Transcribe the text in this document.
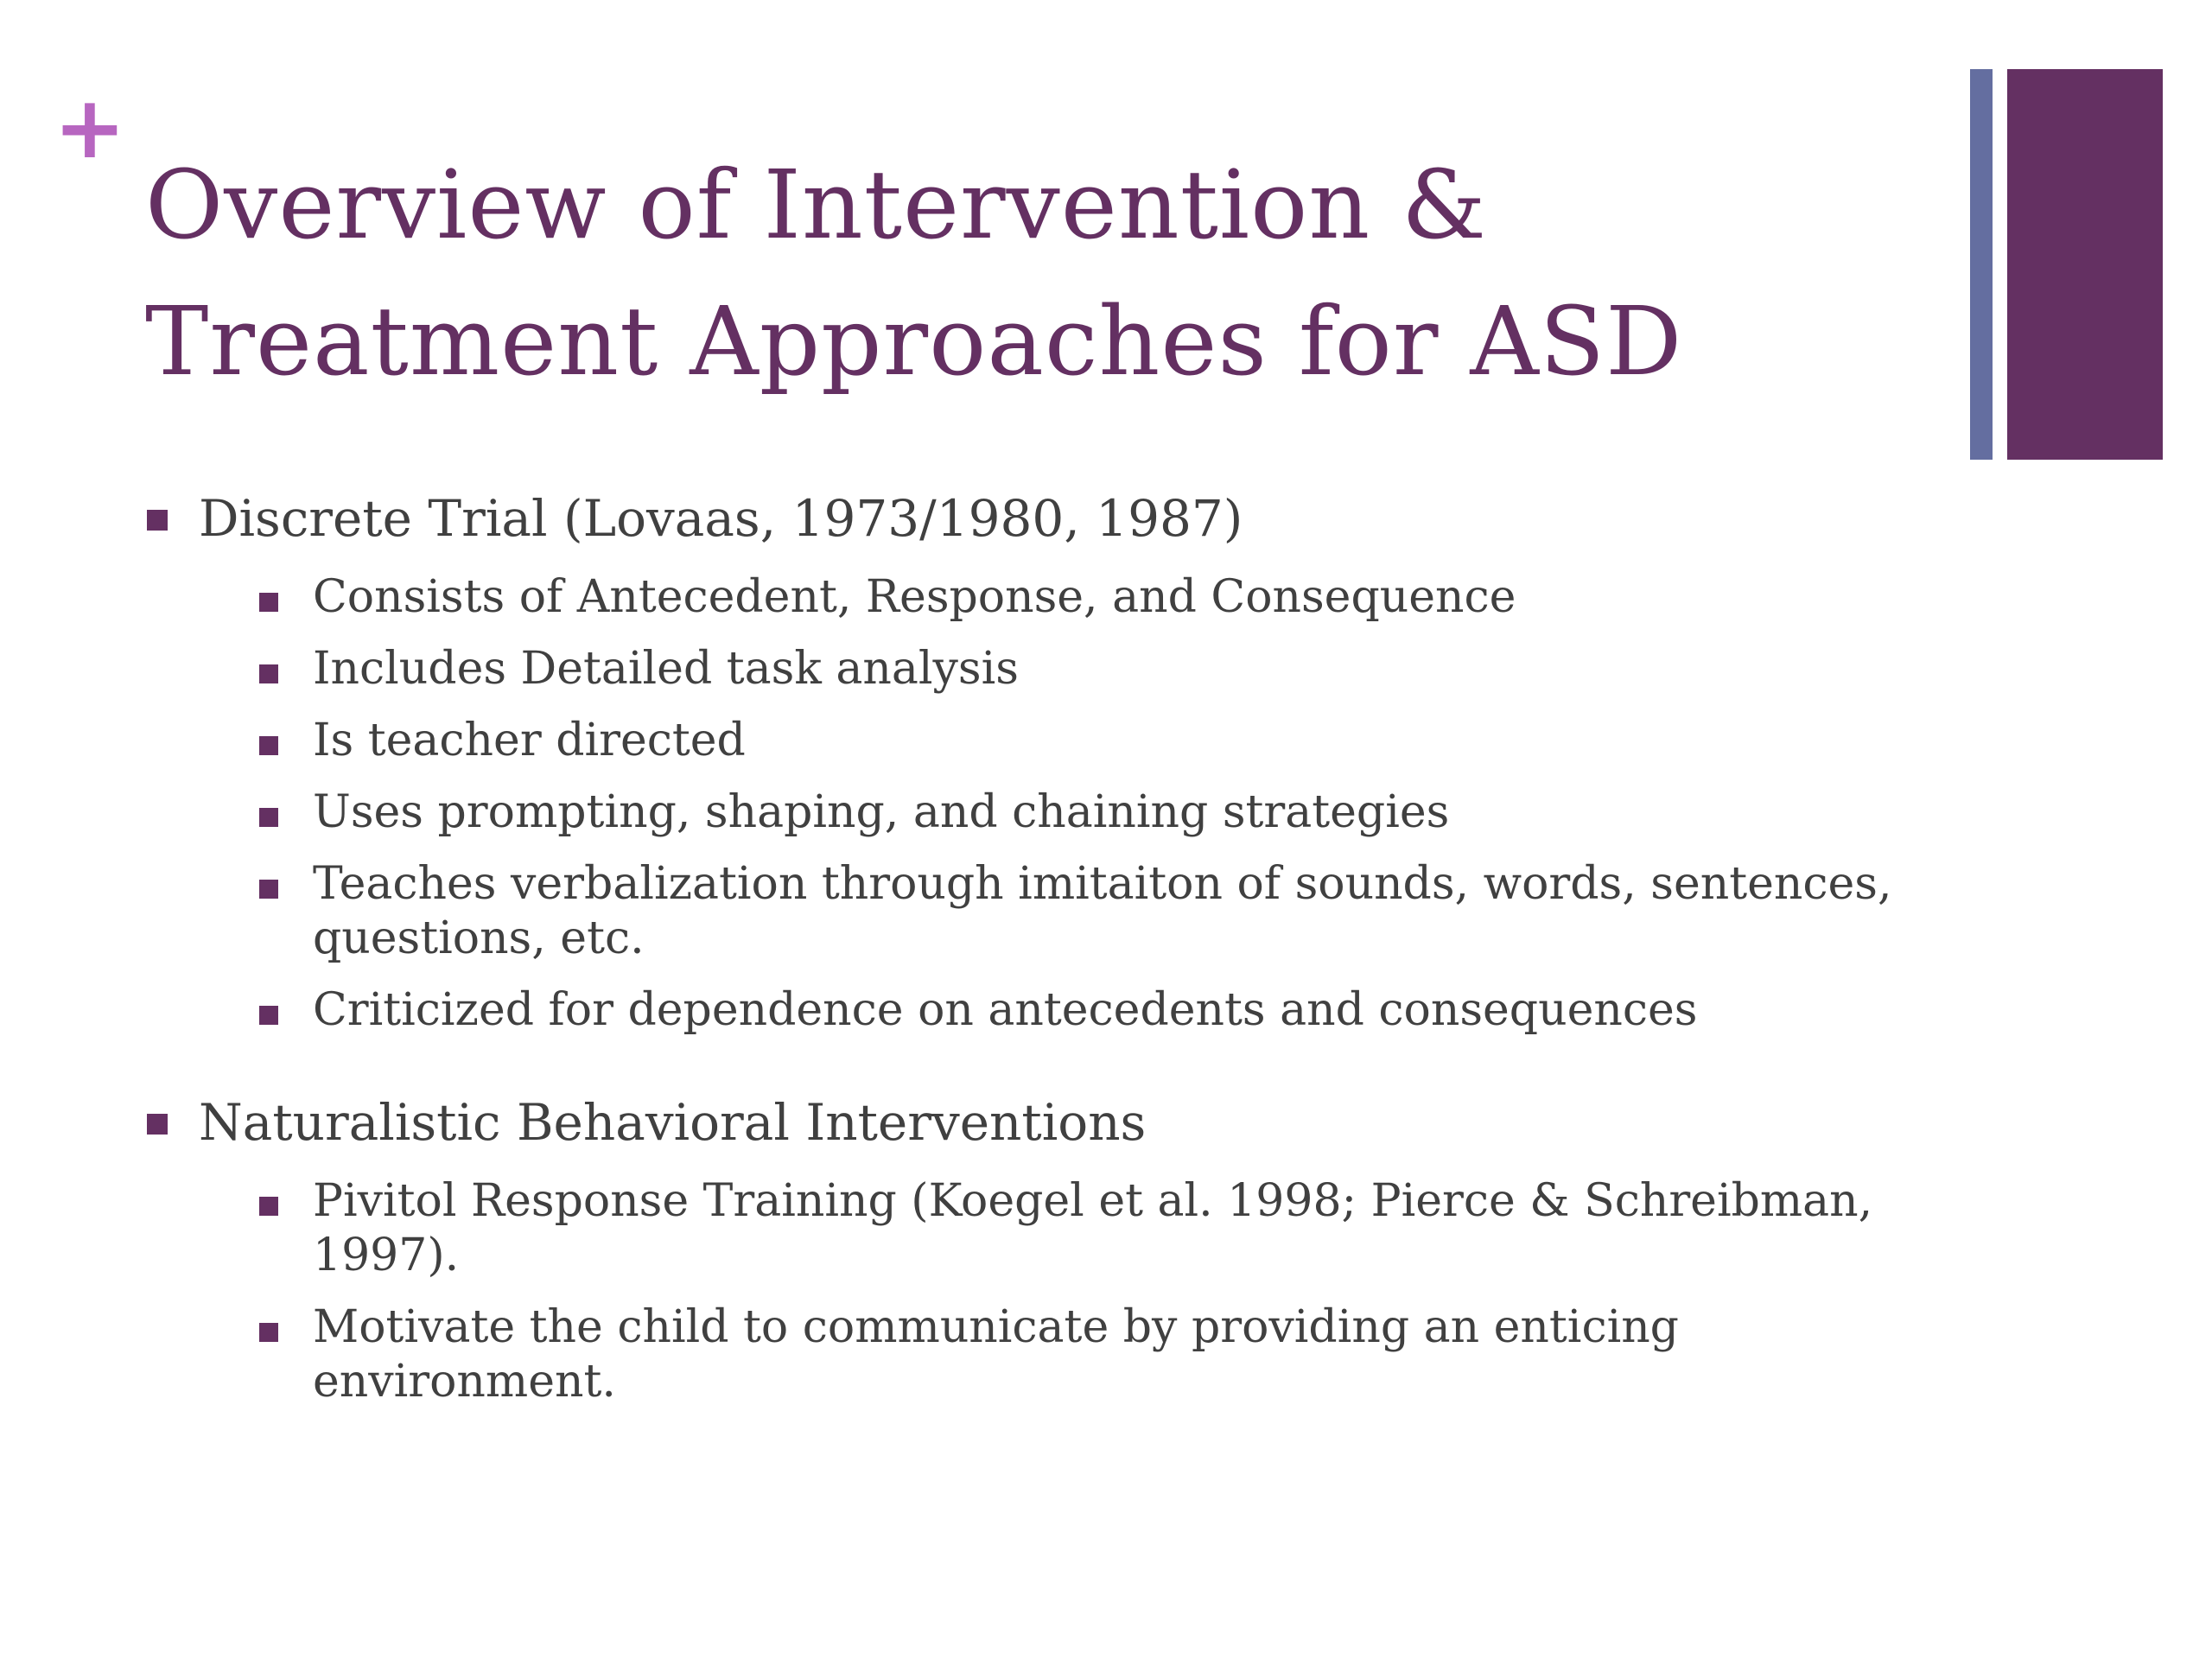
+
Overview of Intervention &
Treatment Approaches for ASD
Discrete Trial (Lovaas, 1973/1980, 1987)
Consists of Antecedent, Response, and Consequence
Includes Detailed task analysis
Is teacher directed
Uses prompting, shaping, and chaining strategies
Teaches verbalization through imitaiton of sounds, words, sentences, questions, etc.
Criticized for dependence on antecedents and consequences
Naturalistic Behavioral Interventions
Pivitol Response Training (Koegel et al. 1998; Pierce & Schreibman, 1997).
Motivate the child to communicate by providing an enticing environment.
